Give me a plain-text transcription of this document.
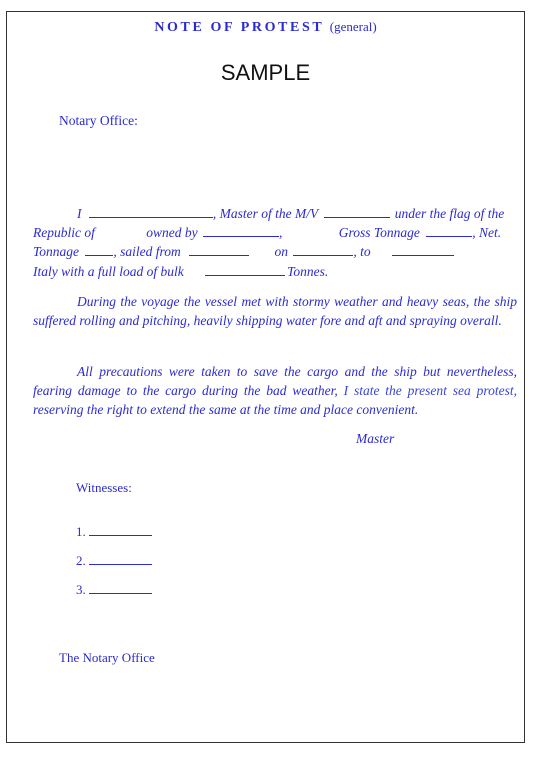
NOTE OF PROTEST (general)
SAMPLE
Notary Office:
I	, Master of the M/V	under the flag of the
Republic of	owned by	,	Gross Tonnage	, Net.
Tonnage	, sailed from	on	, to
Italy with a full load of bulk	Tonnes.
During the voyage the vessel met with stormy weather and heavy seas, the ship suffered rolling and pitching, heavily shipping water fore and aft and spraying overall.
All precautions were taken to save the cargo and the ship but nevertheless, fearing damage to the cargo during the bad weather, I state the present sea protest, reserving the right to extend the same at the time and place convenient.
Master
Witnesses:
1.
2.
3.
The Notary Office
